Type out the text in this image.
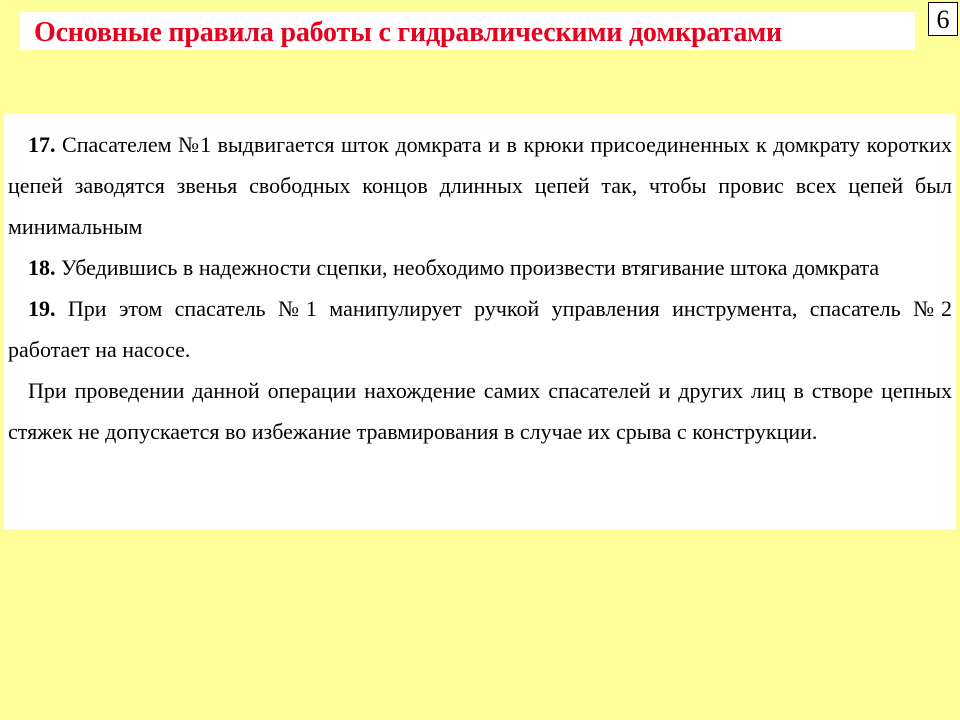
Основные правила работы с гидравлическими домкратами	6

17. Спасателем №1 выдвигается шток домкрата и в крюки присоединенных к домкрату коротких цепей заводятся звенья свободных концов длинных цепей так, чтобы провис всех цепей был минимальным

18. Убедившись в надежности сцепки, необходимо произвести втягивание штока домкрата

19. При этом спасатель №1 манипулирует ручкой управления инструмента, спасатель №2 работает на насосе.

При проведении данной операции нахождение самих спасателей и других лиц в створе цепных стяжек не допускается во избежание травмирования в случае их срыва с конструкции.
